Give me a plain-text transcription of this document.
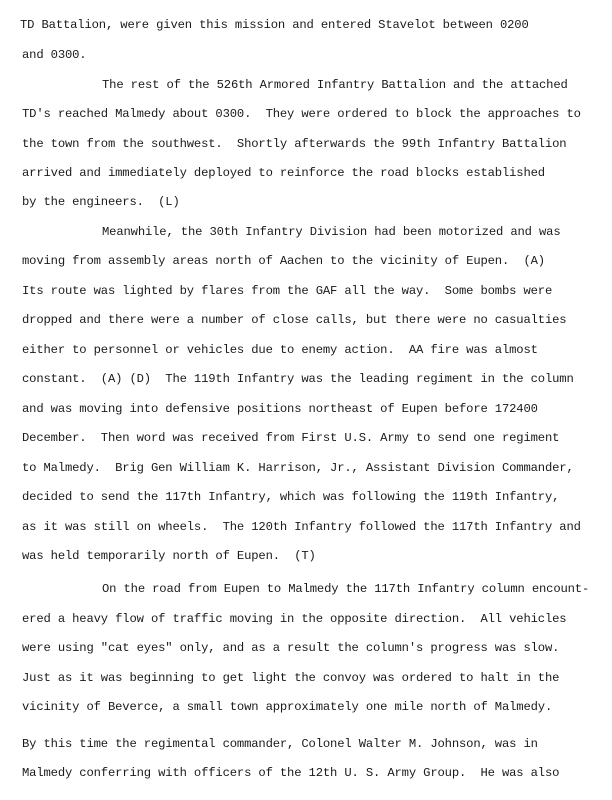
TD Battalion, were given this mission and entered Stavelot between 0200
and 0300.
The rest of the 526th Armored Infantry Battalion and the attached
TD's reached Malmedy about 0300.  They were ordered to block the approaches to
the town from the southwest.  Shortly afterwards the 99th Infantry Battalion
arrived and immediately deployed to reinforce the road blocks established
by the engineers.  (L)
Meanwhile, the 30th Infantry Division had been motorized and was
moving from assembly areas north of Aachen to the vicinity of Eupen.  (A)
Its route was lighted by flares from the GAF all the way.  Some bombs were
dropped and there were a number of close calls, but there were no casualties
either to personnel or vehicles due to enemy action.  AA fire was almost
constant.  (A) (D)  The 119th Infantry was the leading regiment in the column
and was moving into defensive positions northeast of Eupen before 172400
December.  Then word was received from First U.S. Army to send one regiment
to Malmedy.  Brig Gen William K. Harrison, Jr., Assistant Division Commander,
decided to send the 117th Infantry, which was following the 119th Infantry,
as it was still on wheels.  The 120th Infantry followed the 117th Infantry and
was held temporarily north of Eupen.  (T)
On the road from Eupen to Malmedy the 117th Infantry column encount-
ered a heavy flow of traffic moving in the opposite direction.  All vehicles
were using "cat eyes" only, and as a result the column's progress was slow.
Just as it was beginning to get light the convoy was ordered to halt in the
vicinity of Beverce, a small town approximately one mile north of Malmedy.
By this time the regimental commander, Colonel Walter M. Johnson, was in
Malmedy conferring with officers of the 12th U. S. Army Group.  He was also
